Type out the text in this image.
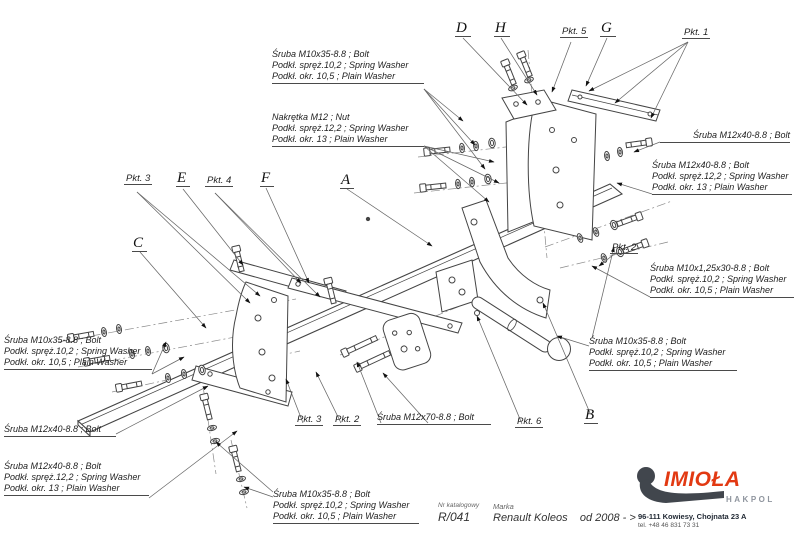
D H	G
E	F	A
C
B
Pkt. 5	Pkt. 1
Pkt. 3	Pkt. 4
Pkt. 2
Pkt. 3 Pkt. 2	Pkt. 6
Śruba M10x35-8.8 ; Bolt
Podkł. spręż.10,2 ; Spring Washer
Podkł. okr. 10,5 ; Plain Washer
Nakrętka M12 ; Nut
Podkł. spręż.12,2 ; Spring Washer
Podkł. okr. 13 ; Plain Washer	Śruba M12x40-8.8 ; Bolt
Śruba M12x40-8.8 ; Bolt
Podkł. spręż.12,2 ; Spring Washer
Podkł. okr. 13 ; Plain Washer
Śruba M10x1,25x30-8.8 ; Bolt
Podkł. spręż.10,2 ; Spring Washer
Podkł. okr. 10,5 ; Plain Washer
Śruba M10x35-8.8 ; Bolt
Podkł. spręż.10,2 ; Spring Washer
Podkł. okr. 10,5 ; Plain Washer
Śruba M10x35-8.8 ; Bolt
Podkł. spręż.10,2 ; Spring Washer
Podkł. okr. 10,5 ; Plain Washer
Śruba M12x40-8.8 ; Bolt
Śruba M12x40-8.8 ; Bolt
Podkł. spręż.12,2 ; Spring Washer
Podkł. okr. 13 ; Plain Washer
Śruba M12x70-8.8 ; Bolt
Śruba M10x35-8.8 ; Bolt
Podkł. spręż.10,2 ; Spring Washer
Podkł. okr. 10,5 ; Plain Washer
Nr katalogowy
R/041
Marka
Renault Koleos    od 2008 - >
IMIOŁA
HAKPOL
96-111 Kowiesy, Chojnata 23 A
tel. +48 46 831 73 31
